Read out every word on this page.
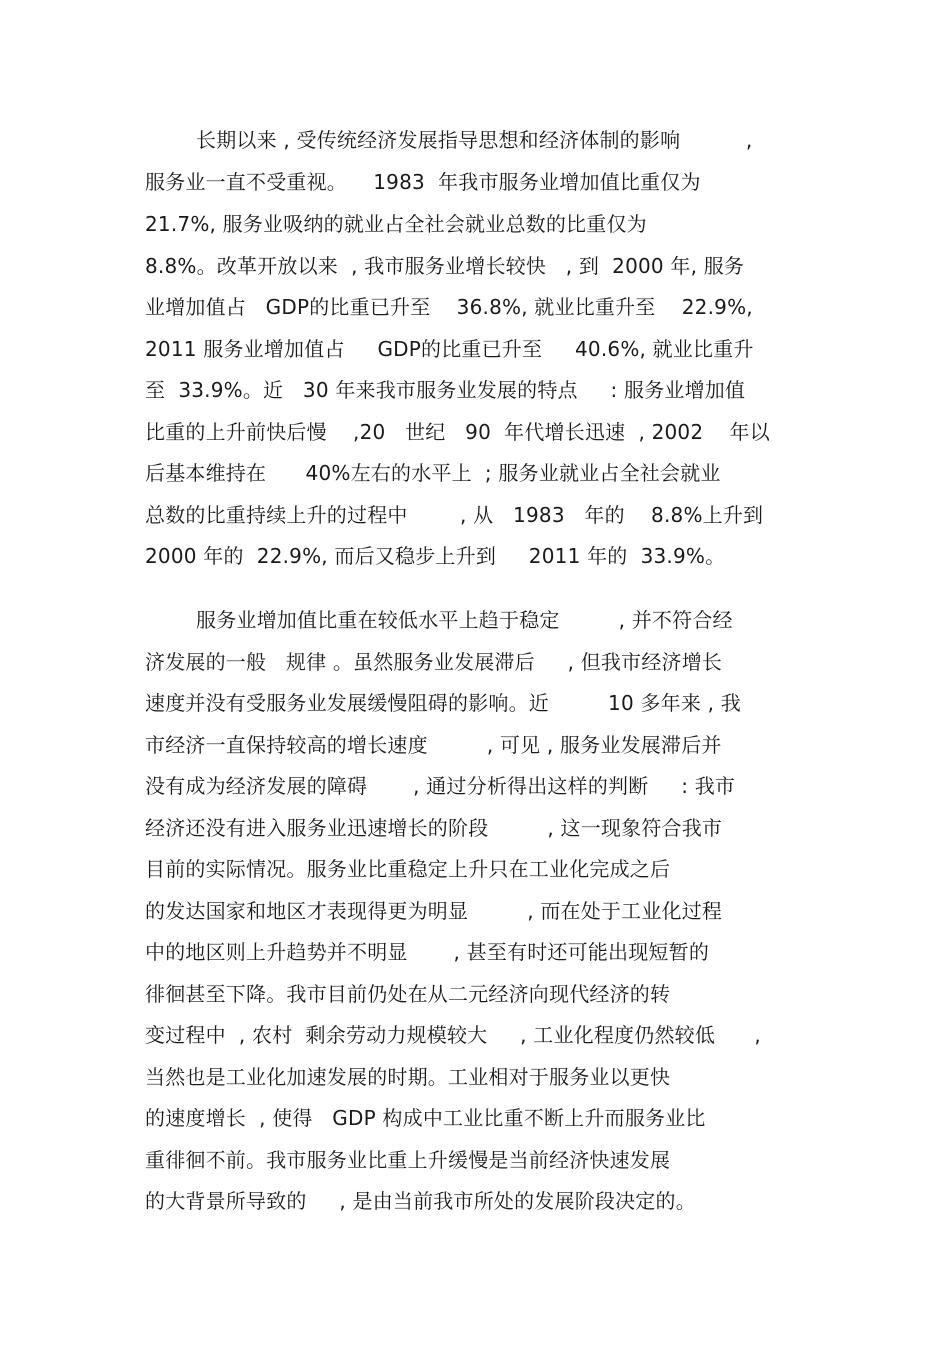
长期以来 , 受传统经济发展指导思想和经济体制的影响          ,
服务业一直不受重视。    1983  年我市服务业增加值比重仅为
21.7%, 服务业吸纳的就业占全社会就业总数的比重仅为
8.8%。改革开放以来  , 我市服务业增长较快   , 到  2000 年, 服务
业增加值占   GDP的比重已升至    36.8%, 就业比重升至    22.9%,
2011 服务业增加值占     GDP的比重已升至     40.6%, 就业比重升
至  33.9%。近   30 年来我市服务业发展的特点     : 服务业增加值
比重的上升前快后慢    ,20   世纪   90  年代增长迅速  , 2002    年以
后基本维持在      40%左右的水平上  ; 服务业就业占全社会就业
总数的比重持续上升的过程中        , 从   1983   年的    8.8%上升到
2000 年的  22.9%, 而后又稳步上升到     2011 年的  33.9%。
服务业增加值比重在较低水平上趋于稳定         , 并不符合经
济发展的一般   规律 。虽然服务业发展滞后     , 但我市经济增长
速度并没有受服务业发展缓慢阻碍的影响。近         10 多年来 , 我
市经济一直保持较高的增长速度         , 可见 , 服务业发展滞后并
没有成为经济发展的障碍       , 通过分析得出这样的判断     : 我市
经济还没有进入服务业迅速增长的阶段         , 这一现象符合我市
目前的实际情况。服务业比重稳定上升只在工业化完成之后
的发达国家和地区才表现得更为明显         , 而在处于工业化过程
中的地区则上升趋势并不明显       , 甚至有时还可能出现短暂的
徘徊甚至下降。我市目前仍处在从二元经济向现代经济的转
变过程中  , 农村  剩余劳动力规模较大     , 工业化程度仍然较低      ,
当然也是工业化加速发展的时期。工业相对于服务业以更快
的速度增长  , 使得   GDP 构成中工业比重不断上升而服务业比
重徘徊不前。我市服务业比重上升缓慢是当前经济快速发展
的大背景所导致的     , 是由当前我市所处的发展阶段决定的。
